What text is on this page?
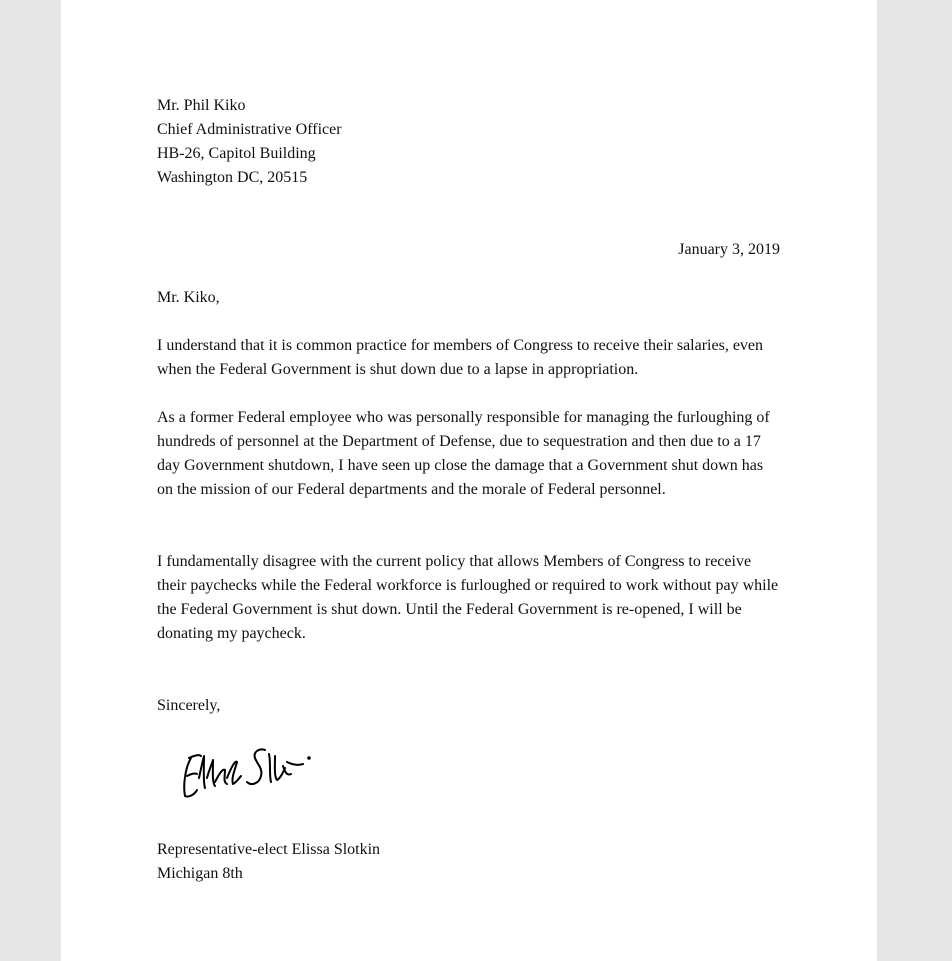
Mr. Phil Kiko
Chief Administrative Officer
HB-26, Capitol Building
Washington DC, 20515
January 3, 2019
Mr. Kiko,
I understand that it is common practice for members of Congress to receive their salaries, even when the Federal Government is shut down due to a lapse in appropriation.
As a former Federal employee who was personally responsible for managing the furloughing of hundreds of personnel at the Department of Defense, due to sequestration and then due to a 17 day Government shutdown, I have seen up close the damage that a Government shut down has on the mission of our Federal departments and the morale of Federal personnel.
I fundamentally disagree with the current policy that allows Members of Congress to receive their paychecks while the Federal workforce is furloughed or required to work without pay while the Federal Government is shut down. Until the Federal Government is re-opened, I will be donating my paycheck.
Sincerely,
Representative-elect Elissa Slotkin
Michigan 8th
